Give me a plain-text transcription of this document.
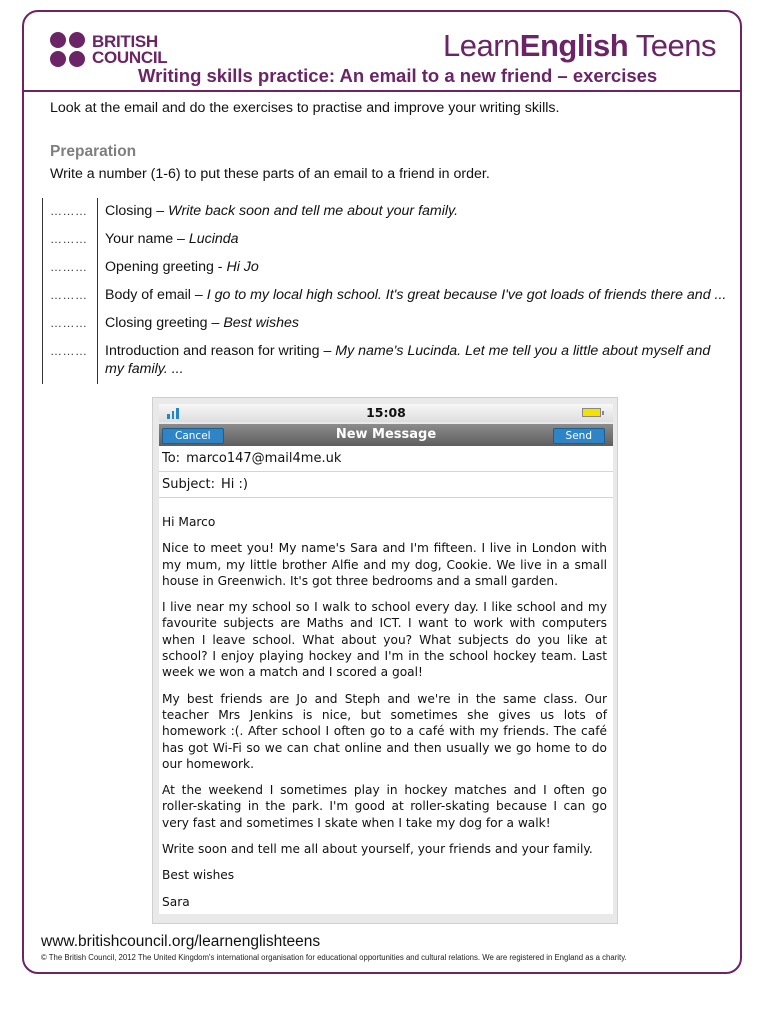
BRITISH
COUNCIL	LearnEnglish Teens
Writing skills practice: An email to a new friend – exercises
Look at the email and do the exercises to practise and improve your writing skills.
Preparation
Write a number (1-6) to put these parts of an email to a friend in order.
………	Closing – Write back soon and tell me about your family.
………	Your name – Lucinda
………	Opening greeting - Hi Jo
………	Body of email – I go to my local high school. It's great because I've got loads of friends there and ...
………	Closing greeting – Best wishes
………	Introduction and reason for writing – My name's Lucinda. Let me tell you a little about myself and my family. ...
15:08
Cancel	New Message	Send
To: marco147@mail4me.uk
Subject: Hi :)

Hi Marco

Nice to meet you! My name's Sara and I'm fifteen. I live in London with my mum, my little brother Alfie and my dog, Cookie. We live in a small house in Greenwich. It's got three bedrooms and a small garden.

I live near my school so I walk to school every day. I like school and my favourite subjects are Maths and ICT. I want to work with computers when I leave school. What about you? What subjects do you like at school? I enjoy playing hockey and I'm in the school hockey team. Last week we won a match and I scored a goal!

My best friends are Jo and Steph and we're in the same class. Our teacher Mrs Jenkins is nice, but sometimes she gives us lots of homework :(. After school I often go to a café with my friends. The café has got Wi-Fi so we can chat online and then usually we go home to do our homework.

At the weekend I sometimes play in hockey matches and I often go roller-skating in the park. I'm good at roller-skating because I can go very fast and sometimes I skate when I take my dog for a walk!

Write soon and tell me all about yourself, your friends and your family.

Best wishes

Sara

www.britishcouncil.org/learnenglishteens
© The British Council, 2012 The United Kingdom's international organisation for educational opportunities and cultural relations. We are registered in England as a charity.
